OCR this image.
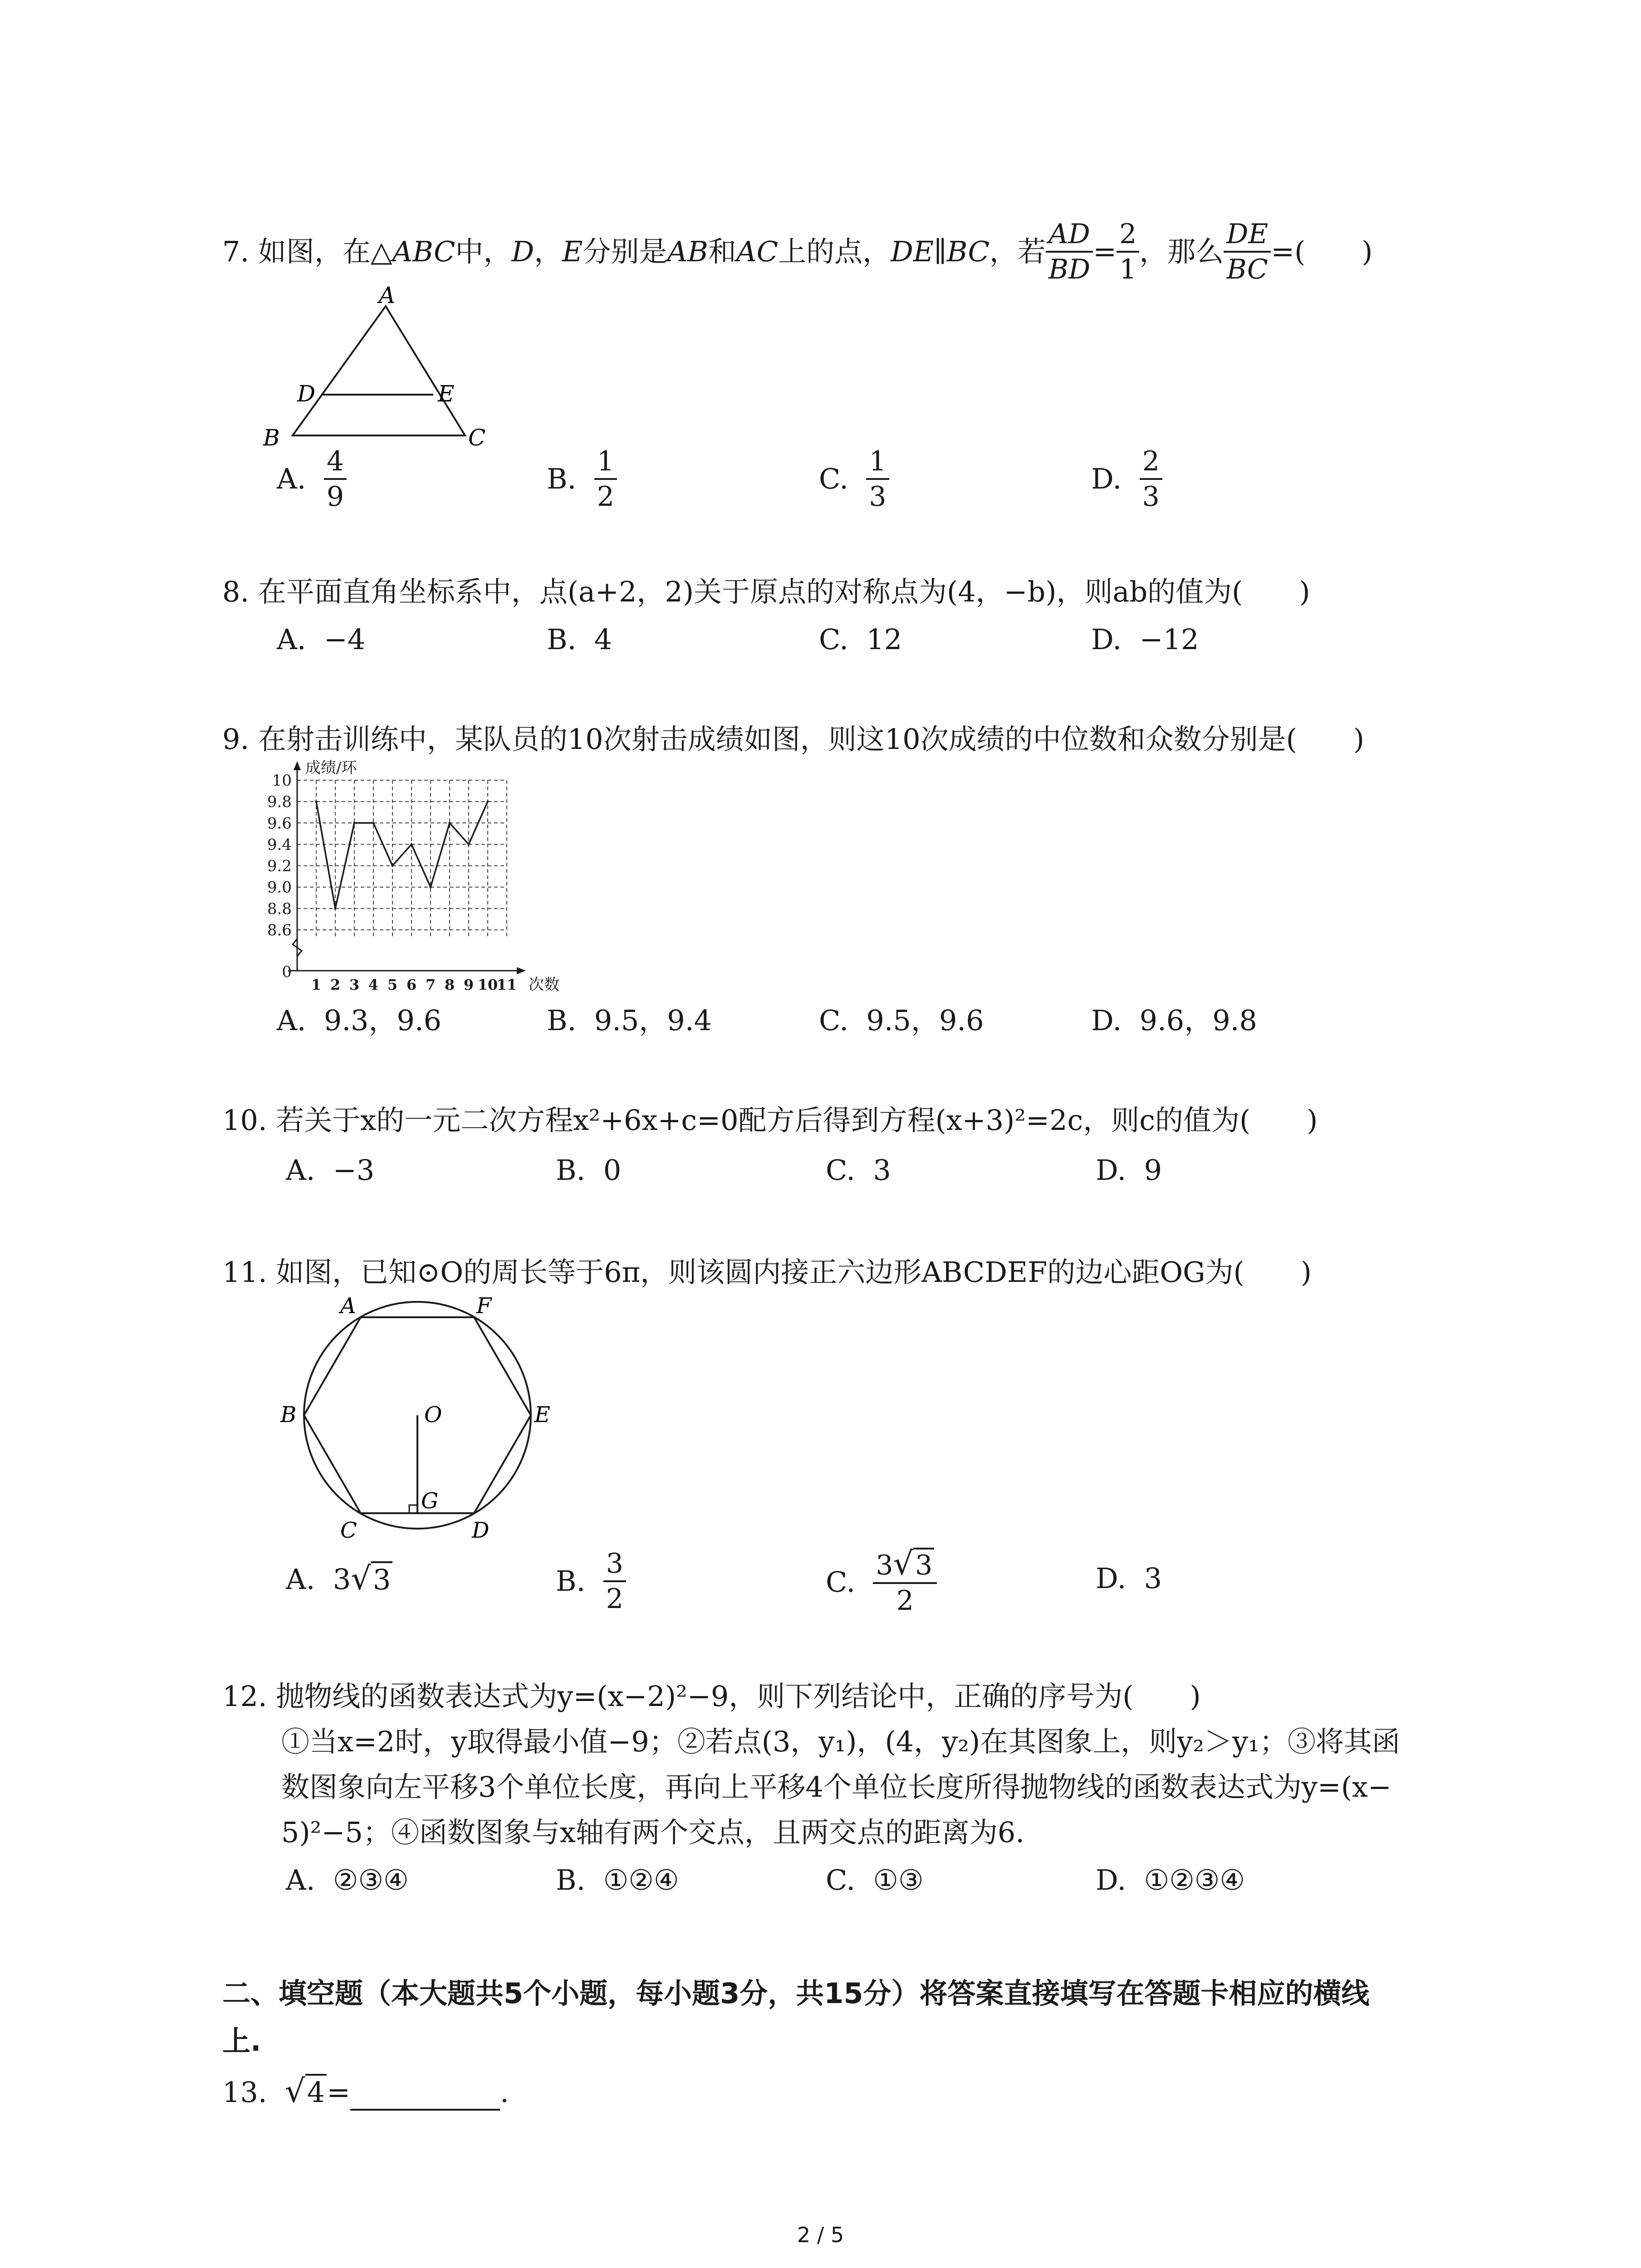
7.
如图，在△ ABC 中， D ， E 分别是 AB 和 AC 上的点， DE∥BC ，若 $\frac{AD}{BD} = \frac{2}{1}$ ，那么 $\frac{DE}{BC}$ =(　　)
A
D	E
B	C
A.
$\frac{4}{9}$	B.
$\frac{1}{2}$	C.
$\frac{1}{3}$	D.
$\frac{2}{3}$
8. 在平面直角坐标系中，点(a+2，2)关于原点的对称点为(4，−b)，则ab的值为(　　)
A. −4	B. 4	C. 12	D. −12
9. 在射击训练中，某队员的10次射击成绩如图，则这10次成绩的中位数和众数分别是(　　)
10
9.8
9.6
9.4
9.2
9.0
8.8
8.6
0
1 2 3 4 5 6 7 8 9 10
11
成绩/环
次数
A. 9.3，9.6	B. 9.5，9.4	C. 9.5，9.6	D. 9.6，9.8
10. 若关于x的一元二次方程x²+6x+c=0配方后得到方程(x+3)²=2c，则c的值为(　　)
A. −3	B. 0	C. 3	D. 9
11. 如图，已知⊙O的周长等于6π，则该圆内接正六边形ABCDEF的边心距OG为(　　)
A	F
B	E
O
G
C	D
A.
3 √3	B.
$\frac{3}{2}$	C.
$\frac{3√3}{2}$	D. 3
12. 抛物线的函数表达式为y=(x−2)²−9，则下列结论中，正确的序号为(　　)
①当x=2时，y取得最小值−9；②若点(3，y₁)，(4，y₂)在其图象上，则y₂＞y₁；③将其函
数图象向左平移3个单位长度，再向上平移4个单位长度所得抛物线的函数表达式为y=(x−
5)²−5；④函数图象与x轴有两个交点，且两交点的距离为6.
A. ②③④	B. ①②④	C. ①③	D. ①②③④
二、填空题（本大题共5个小题，每小题3分，共15分）将答案直接填写在答题卡相应的横线
上.
13.
√4 =	.
2 / 5
